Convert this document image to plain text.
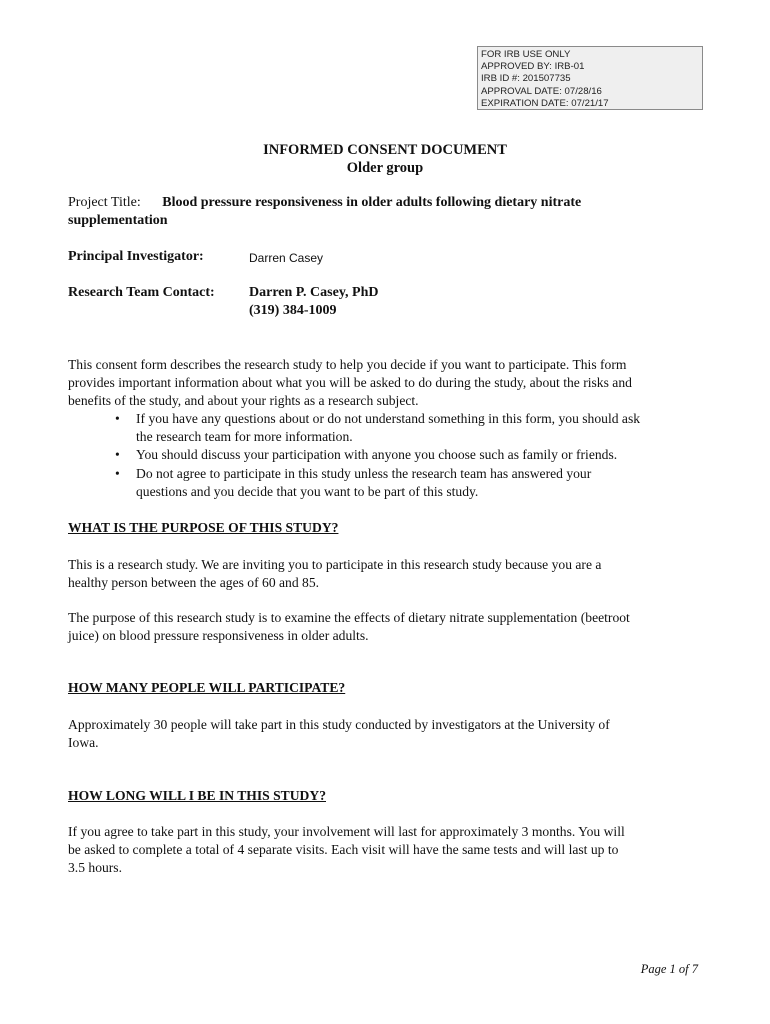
FOR IRB USE ONLY
APPROVED BY: IRB-01
IRB ID #: 201507735
APPROVAL DATE: 07/28/16
EXPIRATION DATE: 07/21/17
INFORMED CONSENT DOCUMENT
Older group
Project Title: Blood pressure responsiveness in older adults following dietary nitrate
supplementation
Principal Investigator:	Darren Casey
Research Team Contact: Darren P. Casey, PhD
(319) 384-1009

This consent form describes the research study to help you decide if you want to participate. This form

provides important information about what you will be asked to do during the study, about the risks and

benefits of the study, and about your rights as a research subject.

• If you have any questions about or do not understand something in this form, you should ask
the research team for more information.
• You should discuss your participation with anyone you choose such as family or friends.
• Do not agree to participate in this study unless the research team has answered your
questions and you decide that you want to be part of this study.
WHAT IS THE PURPOSE OF THIS STUDY?

This is a research study. We are inviting you to participate in this research study because you are a

healthy person between the ages of 60 and 85.

The purpose of this research study is to examine the effects of dietary nitrate supplementation (beetroot

juice) on blood pressure responsiveness in older adults.

HOW MANY PEOPLE WILL PARTICIPATE?

Approximately 30 people will take part in this study conducted by investigators at the University of

Iowa.

HOW LONG WILL I BE IN THIS STUDY?

If you agree to take part in this study, your involvement will last for approximately 3 months. You will

be asked to complete a total of 4 separate visits. Each visit will have the same tests and will last up to

3.5 hours.

Page 1 of 7
